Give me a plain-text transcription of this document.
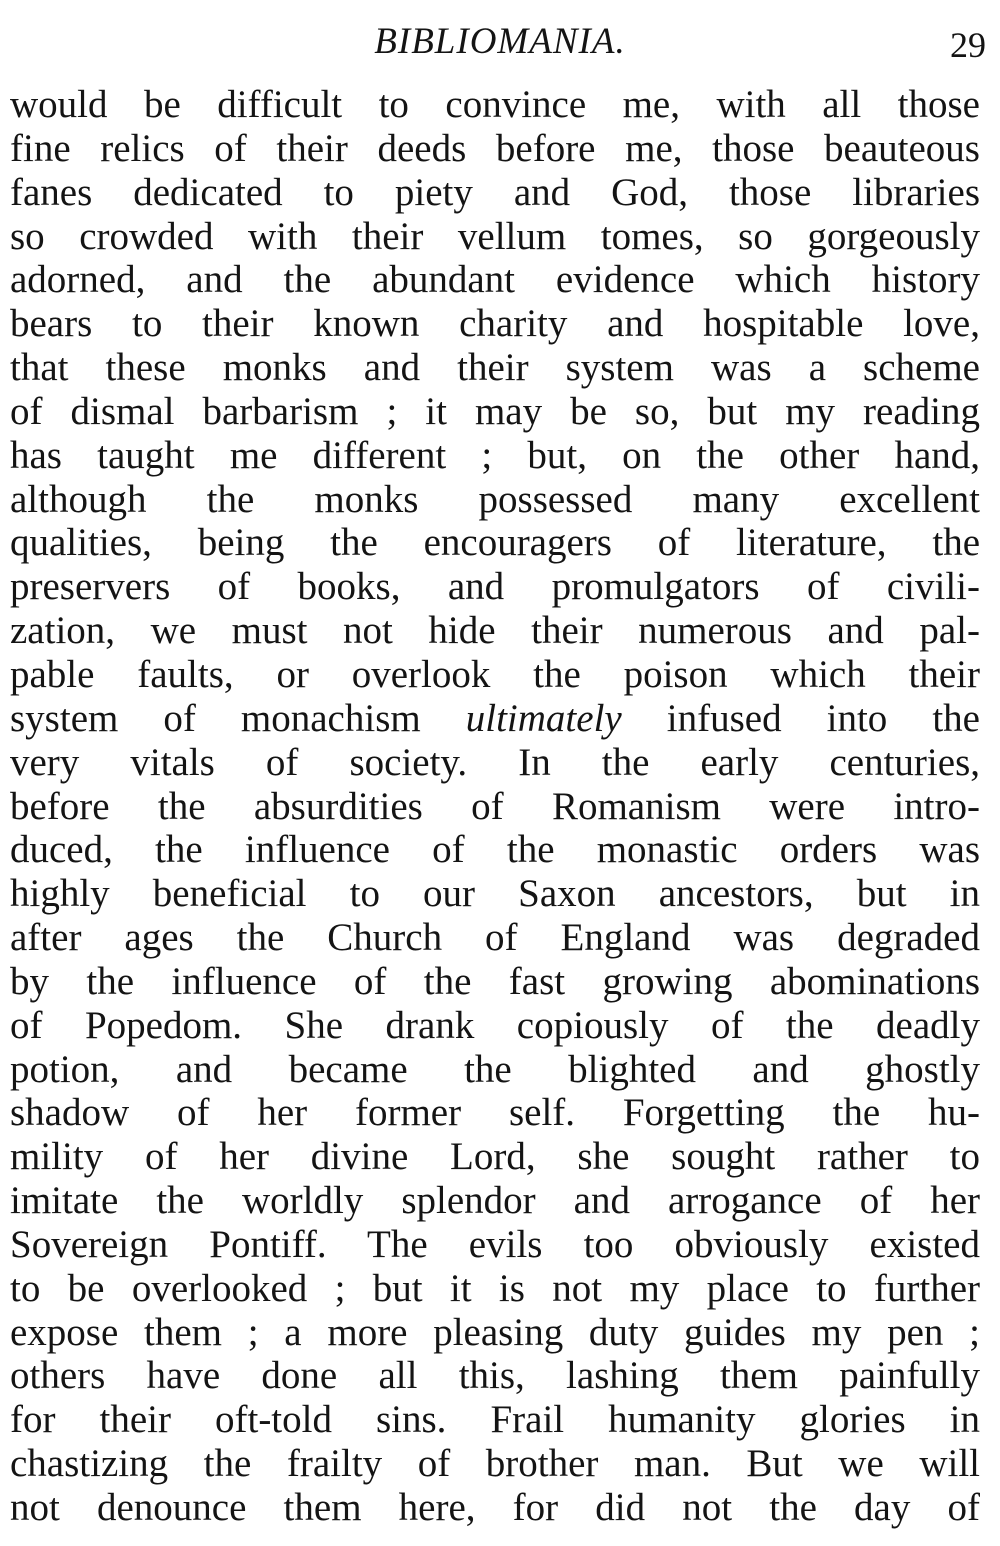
BIBLIOMANIA.	29
would be difficult to convince me, with all those
fine relics of their deeds before me, those beauteous
fanes dedicated to piety and God, those libraries
so crowded with their vellum tomes, so gorgeously
adorned, and the abundant evidence which history
bears to their known charity and hospitable love,
that these monks and their system was a scheme
of dismal barbarism ; it may be so, but my reading
has taught me different ; but, on the other hand,
although the monks possessed many excellent
qualities, being the encouragers of literature, the
preservers of books, and promulgators of civili-
zation, we must not hide their numerous and pal-
pable faults, or overlook the poison which their
system of monachism ultimately infused into the
very vitals of society. In the early centuries,
before the absurdities of Romanism were intro-
duced, the influence of the monastic orders was
highly beneficial to our Saxon ancestors, but in
after ages the Church of England was degraded
by the influence of the fast growing abominations
of Popedom. She drank copiously of the deadly
potion, and became the blighted and ghostly
shadow of her former self. Forgetting the hu-
mility of her divine Lord, she sought rather to
imitate the worldly splendor and arrogance of her
Sovereign Pontiff. The evils too obviously existed
to be overlooked ; but it is not my place to further
expose them ; a more pleasing duty guides my pen ;
others have done all this, lashing them painfully
for their oft-told sins. Frail humanity glories in
chastizing the frailty of brother man. But we will
not denounce them here, for did not the day of
